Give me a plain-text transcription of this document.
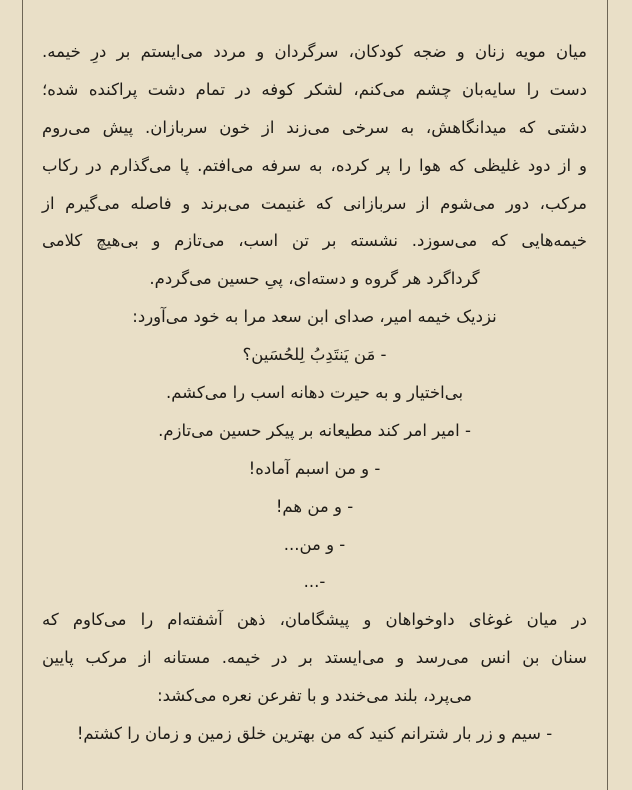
میان مویه زنان و ضجه کودکان، سرگردان و مردد می‌ایستم بر درِ خیمه.
دست را سایه‌بان چشم می‌کنم، لشکر کوفه در تمام دشت پراکنده شده؛
دشتی که میدانگاهش، به سرخی می‌زند از خون سربازان. پیش می‌روم
و از دود غلیظی که هوا را پر کرده، به سرفه می‌افتم. پا می‌گذارم در رکاب
مرکب، دور می‌شوم از سربازانی که غنیمت می‌برند و فاصله می‌گیرم از
خیمه‌هایی که می‌سوزد. نشسته بر تن اسب، می‌تازم و بی‌هیچ کلامی
گرداگرد هر گروه و دسته‌ای، پیِ حسین می‌گردم.
نزدیک خیمه امیر، صدای ابن سعد مرا به خود می‌آورد:
- مَن یَنتَدِبُ لِلحُسَین؟
بی‌اختیار و به حیرت دهانه اسب را می‌کشم.
- امیر امر کند مطیعانه بر پیکر حسین می‌تازم.
- و من اسبم آماده!
- و من هم!
- و من...
-...
در میان غوغای داوخواهان و پیشگامان، ذهن آشفته‌ام را می‌کاوم که
سنان بن انس می‌رسد و می‌ایستد بر در خیمه. مستانه از مرکب پایین
می‌پرد، بلند می‌خندد و با تفرعن نعره می‌کشد:
- سیم و زر بار شترانم کنید که من بهترین خلق زمین و زمان را کشتم!
